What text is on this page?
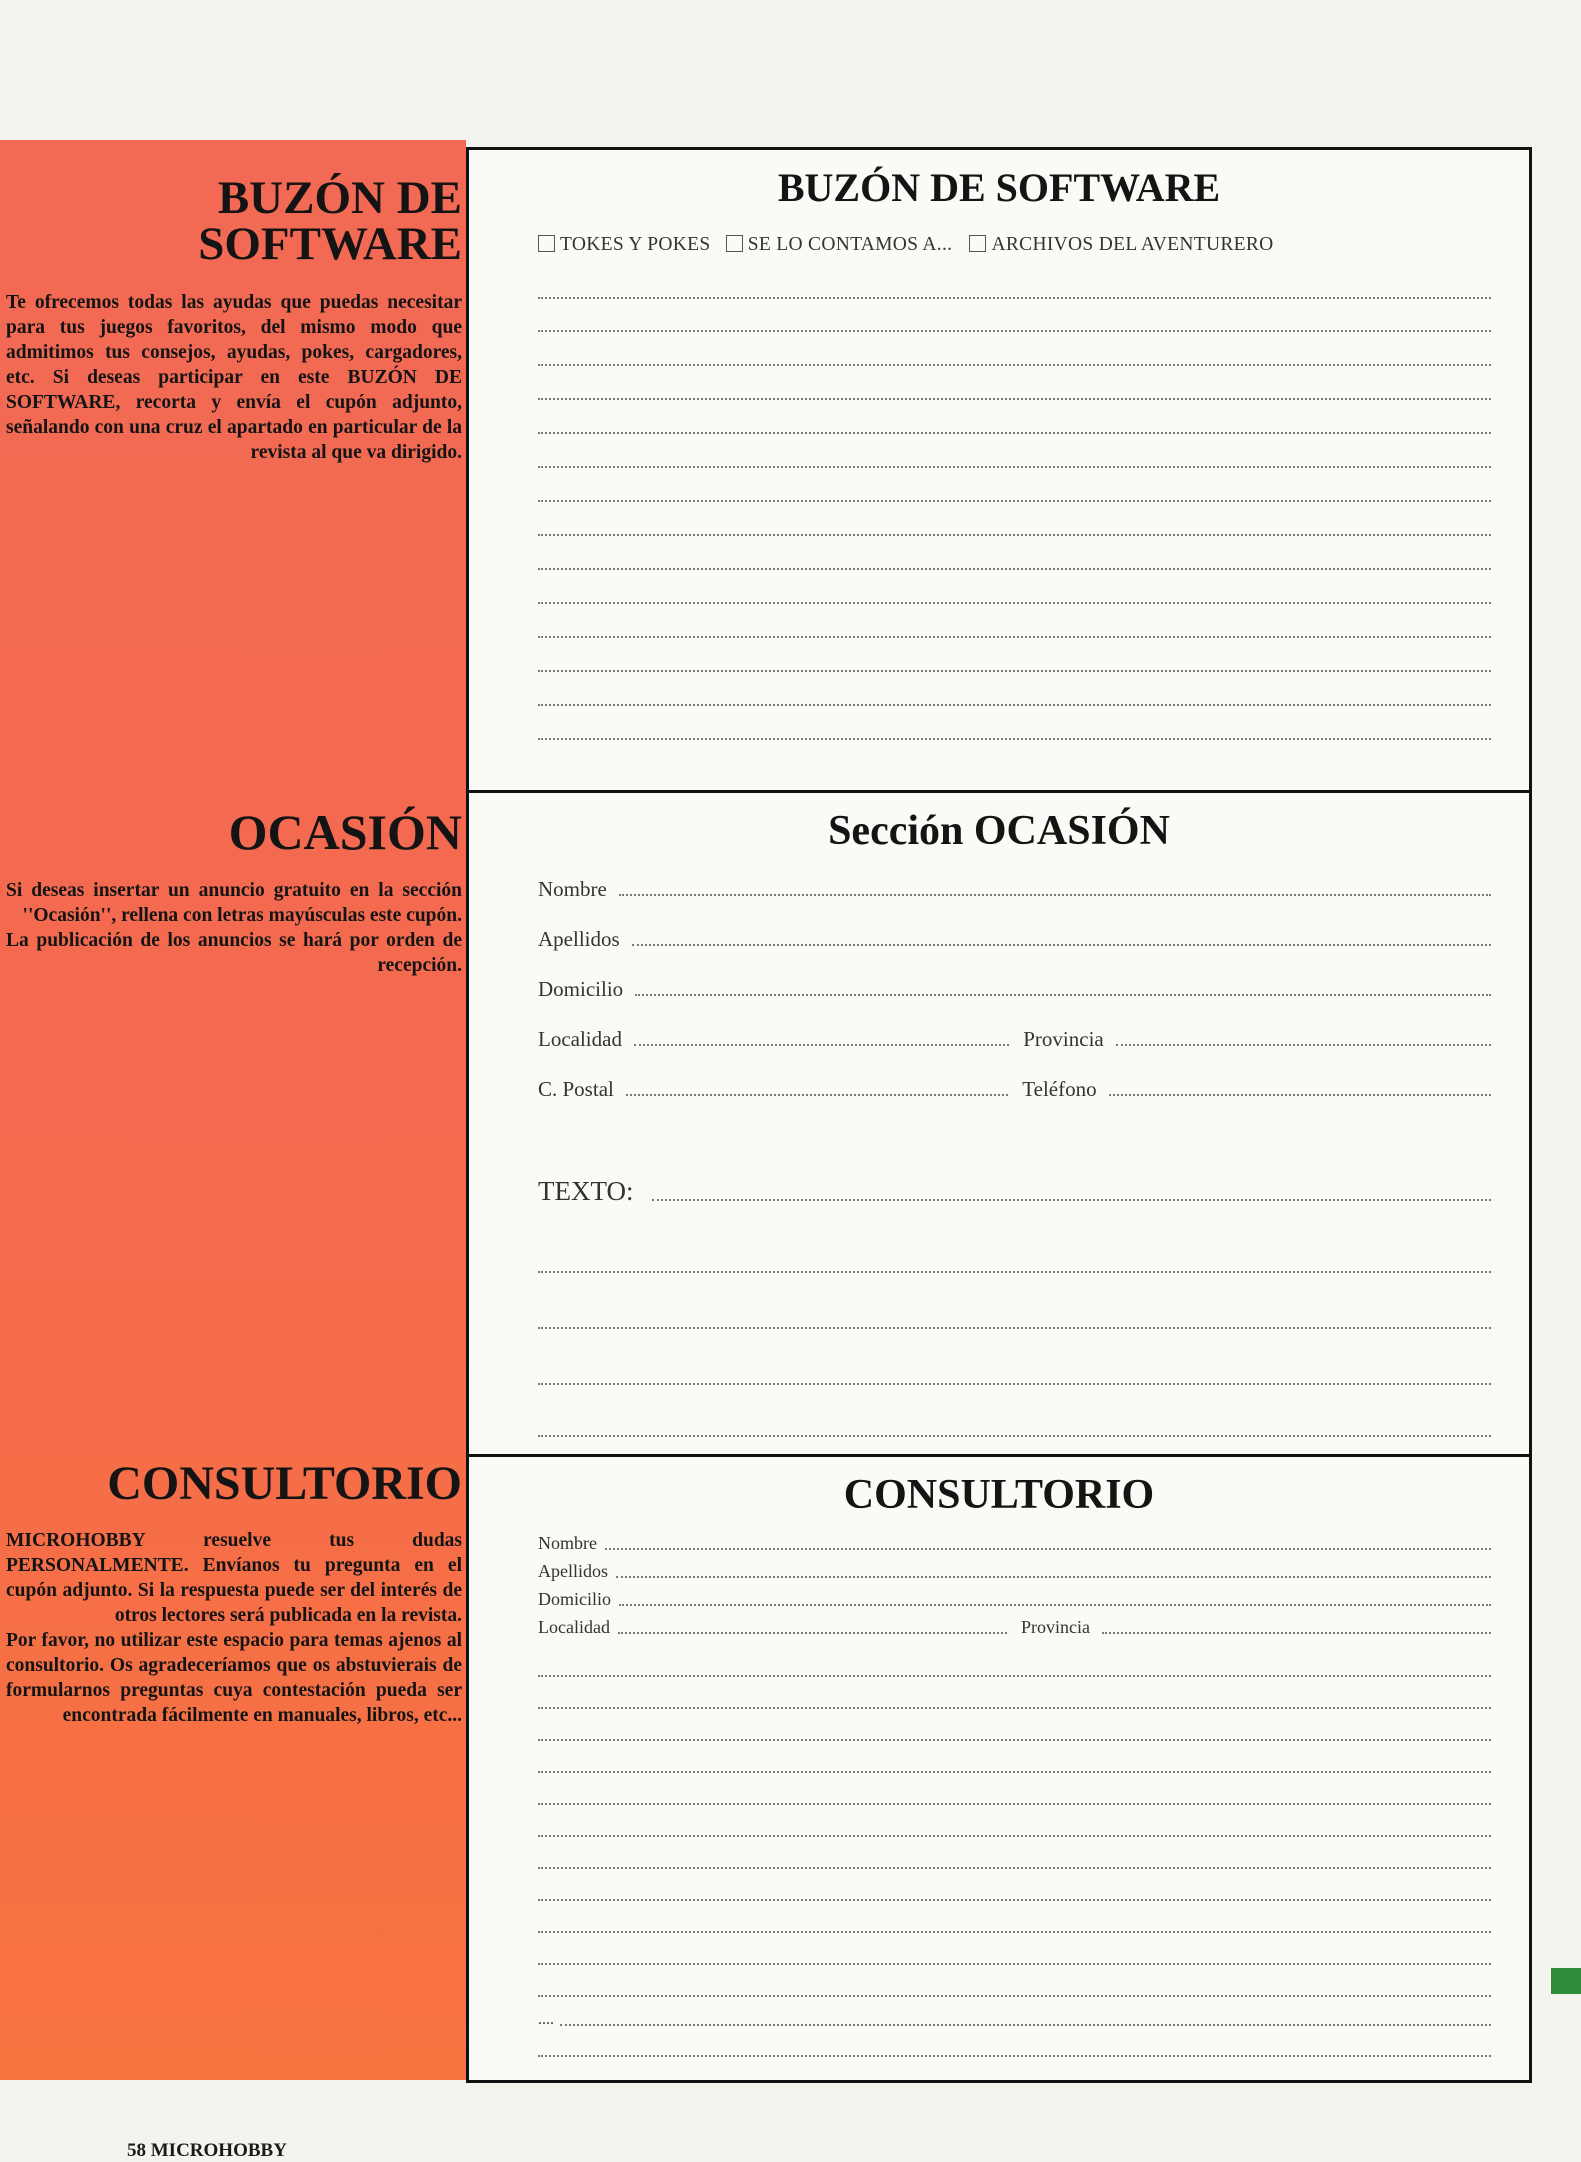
BUZÓN DE
SOFTWARE

Te ofrecemos todas las ayudas que puedas necesitar para tus juegos favoritos, del mismo modo que admitimos tus consejos, ayudas, pokes, cargadores, etc. Si deseas participar en este BUZÓN DE SOFTWARE, recorta y envía el cupón adjunto, señalando con una cruz el apartado en particular de la revista al que va dirigido.

OCASIÓN

Si deseas insertar un anuncio gratuito en la sección ''Ocasión'', rellena con letras mayúsculas este cupón.

La publicación de los anuncios se hará por orden de recepción.

CONSULTORIO

MICROHOBBY resuelve tus dudas PERSONALMENTE. Envíanos tu pregunta en el cupón adjunto. Si la respuesta puede ser del interés de otros lectores será publicada en la revista.

Por favor, no utilizar este espacio para temas ajenos al consultorio. Os agradeceríamos que os abstuvierais de formularnos preguntas cuya contestación pueda ser encontrada fácilmente en manuales, libros, etc...

58 MICROHOBBY
BUZÓN DE SOFTWARE
TOKES Y POKES SE LO CONTAMOS A... ARCHIVOS DEL AVENTURERO
Sección OCASIÓN
Nombre
Apellidos
Domicilio
Localidad	Provincia
C. Postal	Teléfono
TEXTO:
CONSULTORIO
Nombre
Apellidos
Domicilio
Localidad	Provincia
....
